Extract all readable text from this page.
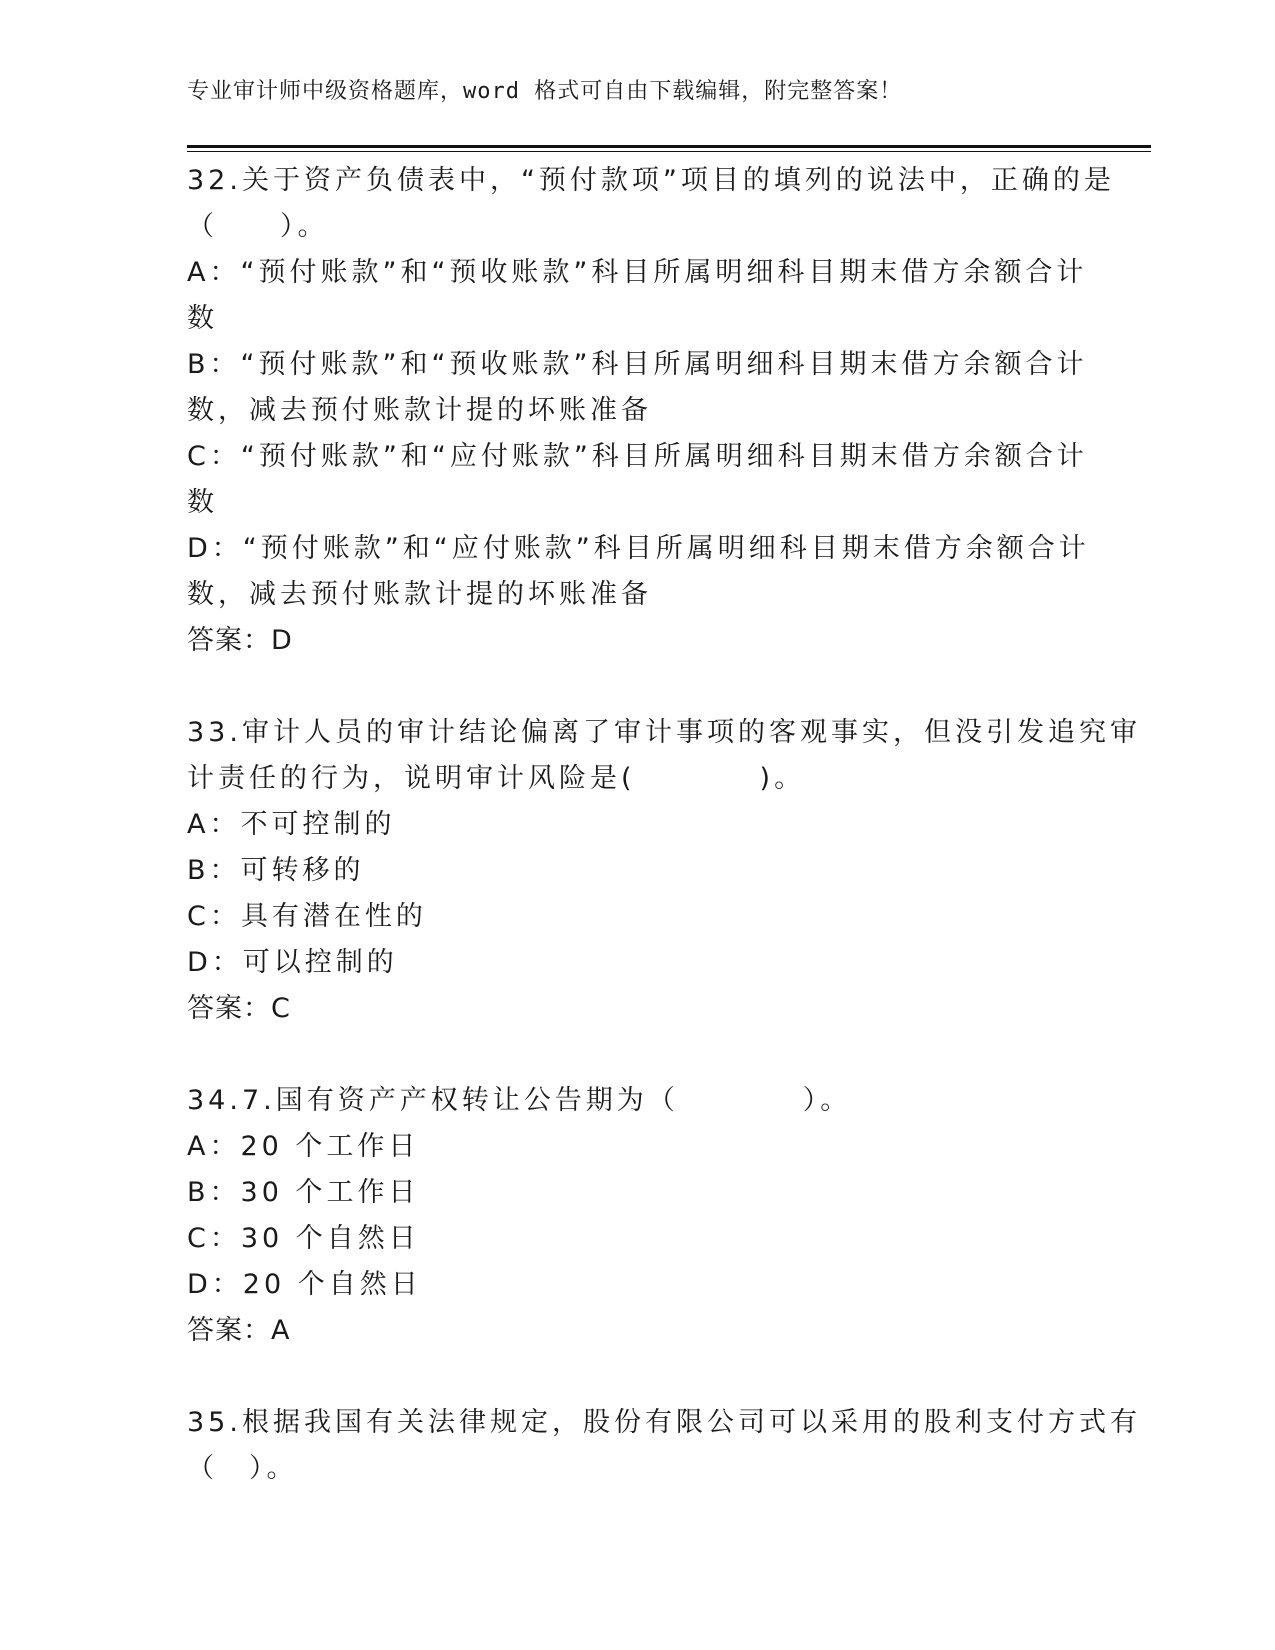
专业审计师中级资格题库，word 格式可自由下载编辑，附完整答案！

32.关于资产负债表中，“预付款项”项目的填列的说法中，正确的是

（　　）。

A：“预付账款”和“预收账款”科目所属明细科目期末借方余额合计

数

B：“预付账款”和“预收账款”科目所属明细科目期末借方余额合计

数，减去预付账款计提的坏账准备

C：“预付账款”和“应付账款”科目所属明细科目期末借方余额合计

数

D：“预付账款”和“应付账款”科目所属明细科目期末借方余额合计

数，减去预付账款计提的坏账准备

答案：D

33.审计人员的审计结论偏离了审计事项的客观事实，但没引发追究审

计责任的行为，说明审计风险是(　　　　)。

A：不可控制的

B：可转移的

C：具有潜在性的

D：可以控制的

答案：C

34.7.国有资产产权转让公告期为（　　　　）。

A：20 个工作日

B：30 个工作日

C：30 个自然日

D：20 个自然日

答案：A

35.根据我国有关法律规定，股份有限公司可以采用的股利支付方式有

（　）。
